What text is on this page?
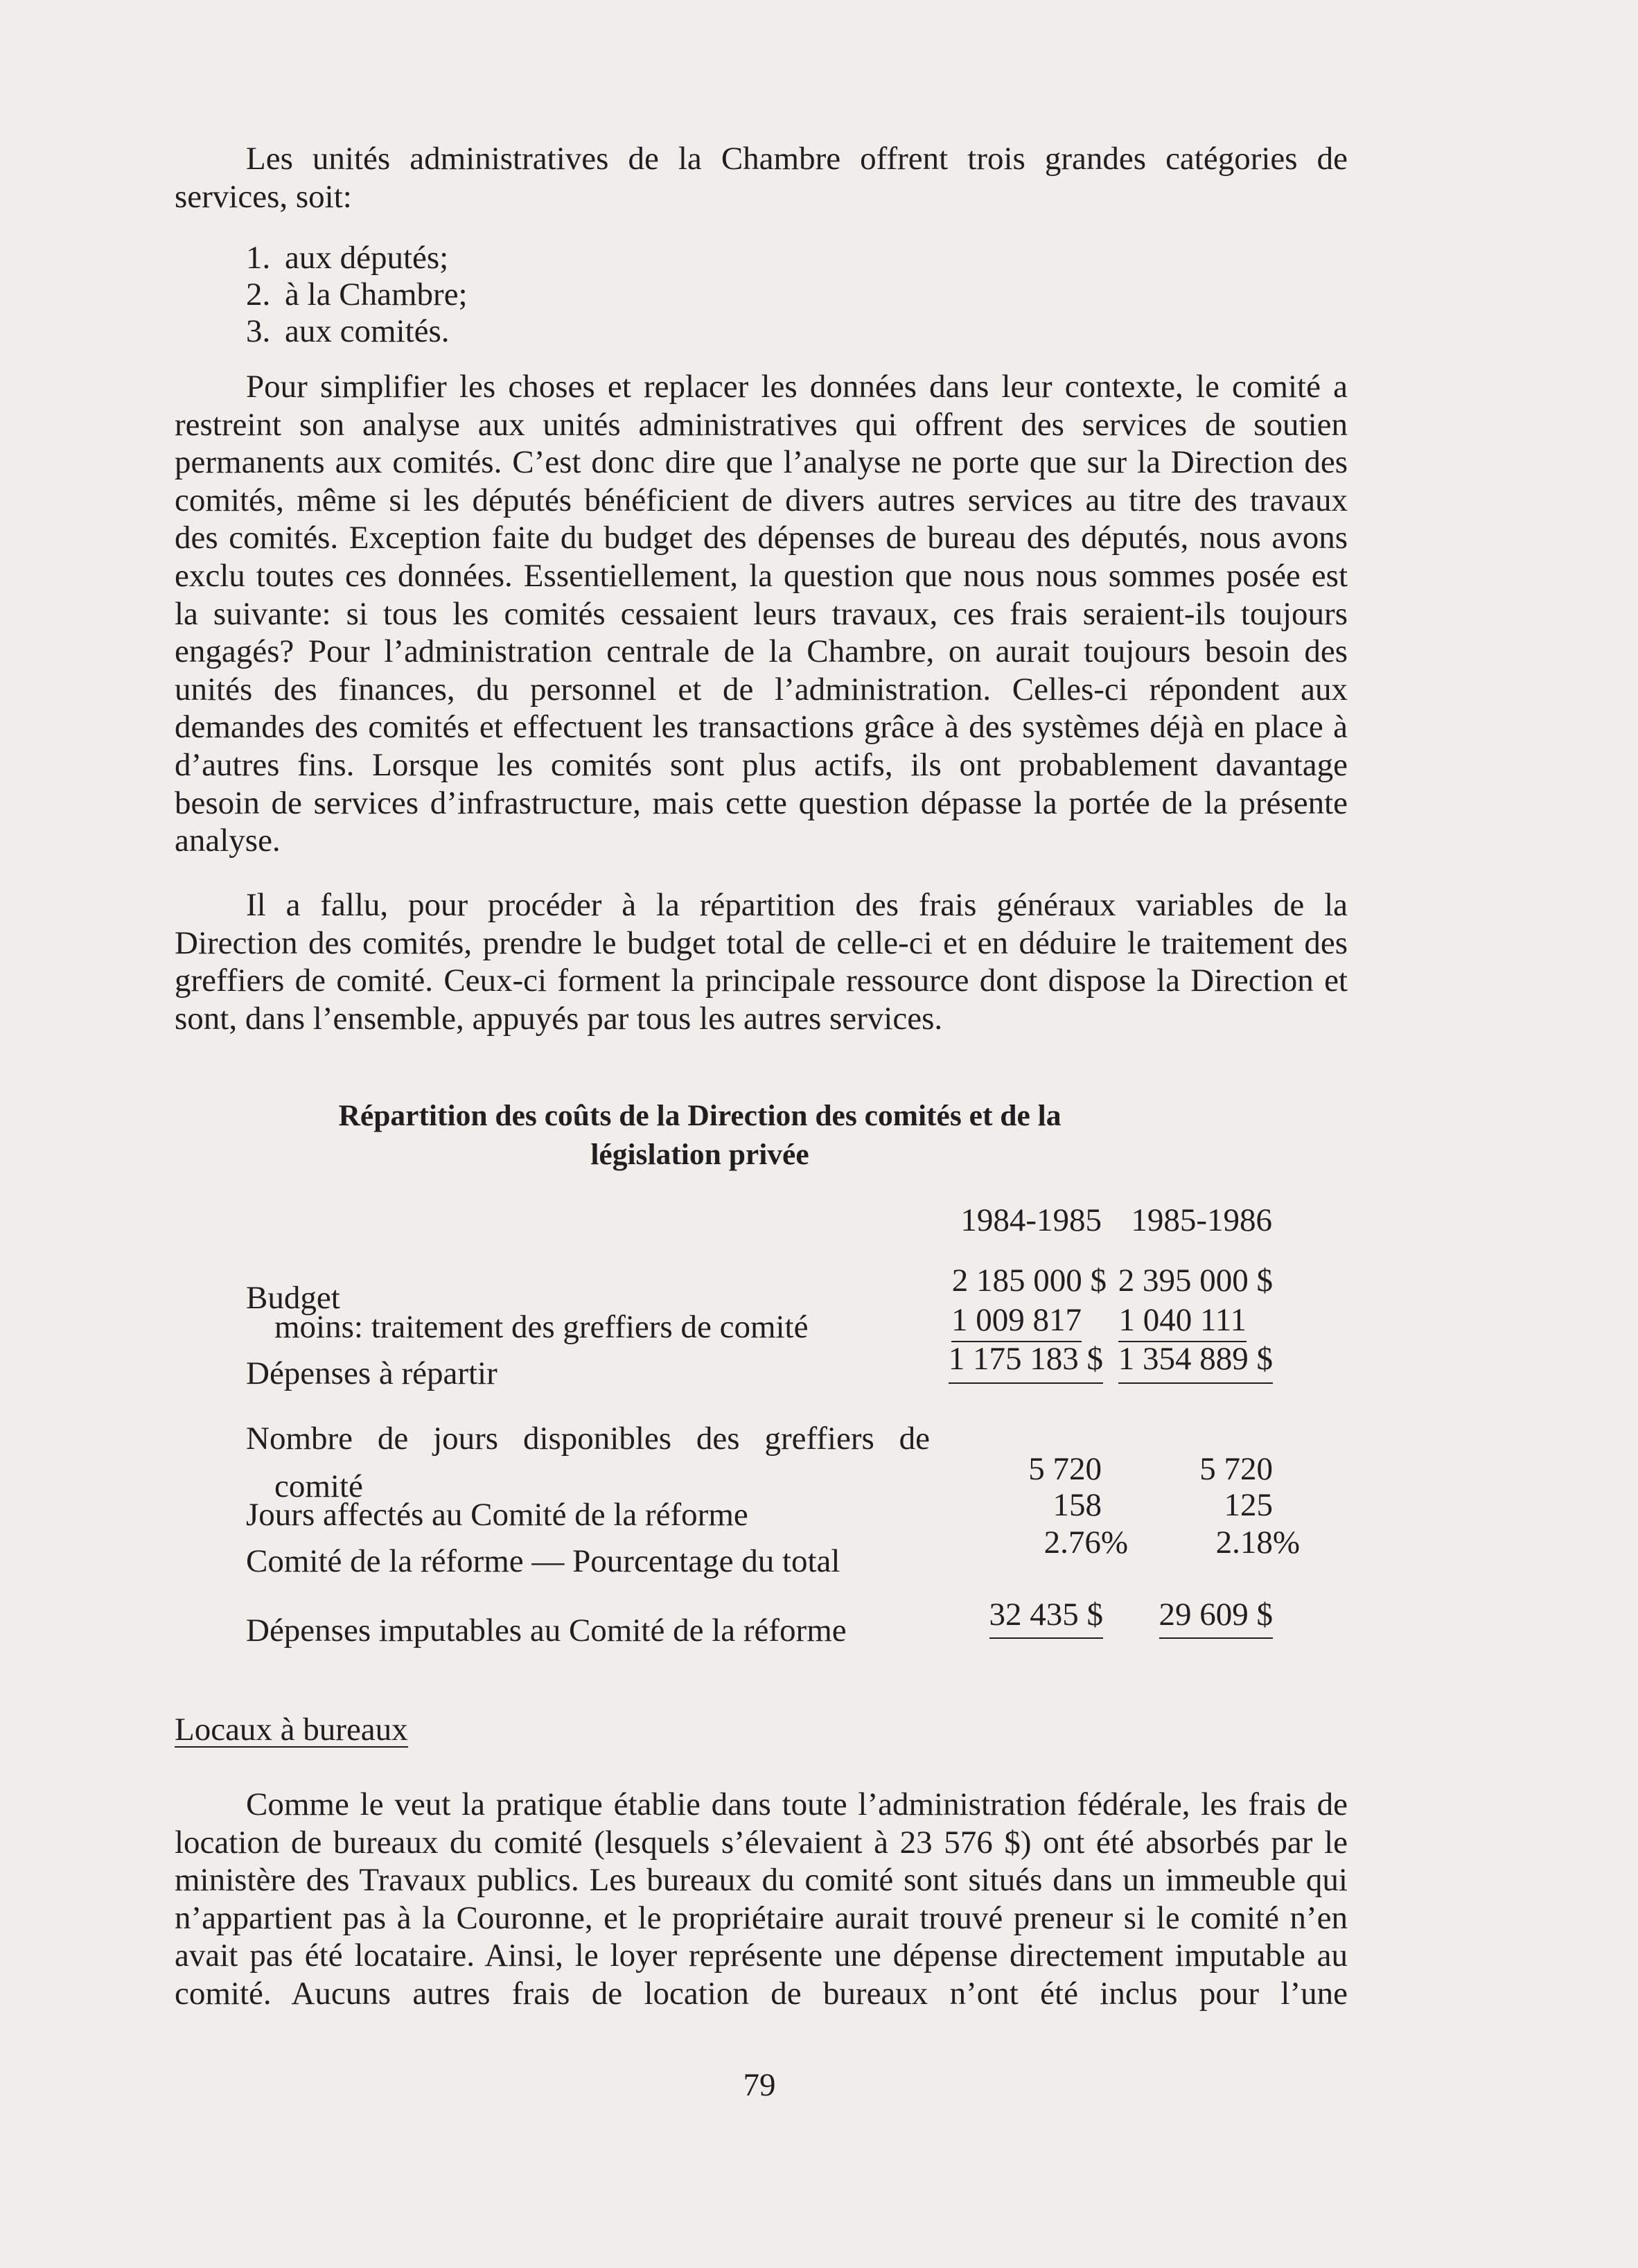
Les unités administratives de la Chambre offrent trois grandes catégories de
services, soit:
1. aux députés;
2. à la Chambre;
3. aux comités.
Pour simplifier les choses et replacer les données dans leur contexte, le comité a
restreint son analyse aux unités administratives qui offrent des services de soutien
permanents aux comités. C’est donc dire que l’analyse ne porte que sur la Direction des
comités, même si les députés bénéficient de divers autres services au titre des travaux
des comités. Exception faite du budget des dépenses de bureau des députés, nous avons
exclu toutes ces données. Essentiellement, la question que nous nous sommes posée est
la suivante: si tous les comités cessaient leurs travaux, ces frais seraient-ils toujours
engagés? Pour l’administration centrale de la Chambre, on aurait toujours besoin des
unités des finances, du personnel et de l’administration. Celles-ci répondent aux
demandes des comités et effectuent les transactions grâce à des systèmes déjà en place à
d’autres fins. Lorsque les comités sont plus actifs, ils ont probablement davantage
besoin de services d’infrastructure, mais cette question dépasse la portée de la présente
analyse.
Il a fallu, pour procéder à la répartition des frais généraux variables de la
Direction des comités, prendre le budget total de celle-ci et en déduire le traitement des
greffiers de comité. Ceux-ci forment la principale ressource dont dispose la Direction et
sont, dans l’ensemble, appuyés par tous les autres services.
Répartition des coûts de la Direction des comités et de la
législation privée
1984-1985 1985-1986
Budget	2 185 000 $ 2 395 000 $
moins: traitement des greffiers de comité	1 009 817 1 040 111
Dépenses à répartir	1 175 183 $ 1 354 889 $
Nombre de jours disponibles des greffiers de
comité	5 720	5 720
Jours affectés au Comité de la réforme	158	125
Comité de la réforme — Pourcentage du total
2.76%	2.18%
Dépenses imputables au Comité de la réforme	32 435 $ 29 609 $
Locaux à bureaux
Comme le veut la pratique établie dans toute l’administration fédérale, les frais de
location de bureaux du comité (lesquels s’élevaient à 23 576 $) ont été absorbés par le
ministère des Travaux publics. Les bureaux du comité sont situés dans un immeuble qui
n’appartient pas à la Couronne, et le propriétaire aurait trouvé preneur si le comité n’en
avait pas été locataire. Ainsi, le loyer représente une dépense directement imputable au
comité. Aucuns autres frais de location de bureaux n’ont été inclus pour l’une
79
